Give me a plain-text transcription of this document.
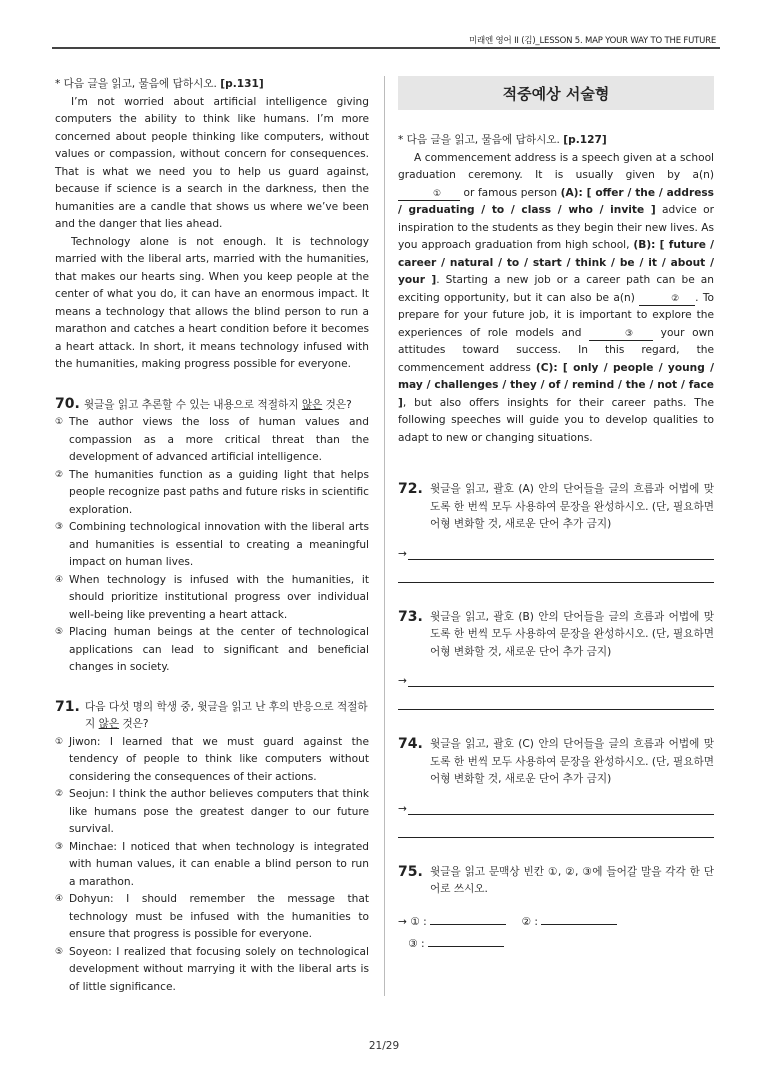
미래엔 영어 II (김)_LESSON 5. MAP YOUR WAY TO THE FUTURE

* 다음 글을 읽고, 물음에 답하시오. [p.131]

I’m not worried about artificial intelligence giving computers the ability to think like humans. I’m more concerned about people thinking like computers, without values or compassion, without concern for consequences. That is what we need you to help us guard against, because if science is a search in the darkness, then the humanities are a candle that shows us where we’ve been and the danger that lies ahead.

Technology alone is not enough. It is technology married with the liberal arts, married with the humanities, that makes our hearts sing. When you keep people at the center of what you do, it can have an enormous impact. It means a technology that allows the blind person to run a marathon and catches a heart condition before it becomes a heart attack. In short, it means technology infused with the humanities, making progress possible for everyone.

70. 윗글을 읽고 추론할 수 있는 내용으로 적절하지 않은 것은?
① The author views the loss of human values and compassion as a more critical threat than the development of advanced artificial intelligence.
② The humanities function as a guiding light that helps people recognize past paths and future risks in scientific exploration.
③ Combining technological innovation with the liberal arts and humanities is essential to creating a meaningful impact on human lives.
④ When technology is infused with the humanities, it should prioritize institutional progress over individual well-being like preventing a heart attack.
⑤ Placing human beings at the center of technological applications can lead to significant and beneficial changes in society.
71. 다음 다섯 명의 학생 중, 윗글을 읽고 난 후의 반응으로 적절하지 않은 것은?
① Jiwon: I learned that we must guard against the tendency of people to think like computers without considering the consequences of their actions.
② Seojun: I think the author believes computers that think like humans pose the greatest danger to our future survival.
③ Minchae: I noticed that when technology is integrated with human values, it can enable a blind person to run a marathon.
④ Dohyun: I should remember the message that technology must be infused with the humanities to ensure that progress is possible for everyone.
⑤ Soyeon: I realized that focusing solely on technological development without marrying it with the liberal arts is of little significance.
적중예상 서술형

* 다음 글을 읽고, 물음에 답하시오. [p.127]

A commencement address is a speech given at a school graduation ceremony. It is usually given by a(n) ① or famous person (A): [ offer / the / address / graduating / to / class / who / invite ] advice or inspiration to the students as they begin their new lives. As you approach graduation from high school, (B): [ future / career / natural / to / start / think / be / it / about / your ]. Starting a new job or a career path can be an exciting opportunity, but it can also be a(n)	② . To prepare for your future job, it is important to explore the experiences of role models and	③ your own attitudes toward success. In this regard, the commencement address (C): [ only / people / young / may / challenges / they / of / remind / the / not / face ], but also offers insights for their career paths. The following speeches will guide you to develop qualities to adapt to new or changing situations.

72. 윗글을 읽고, 괄호 (A) 안의 단어들을 글의 흐름과 어법에 맞도록 한 번씩 모두 사용하여 문장을 완성하시오. (단, 필요하면 어형 변화할 것, 새로운 단어 추가 금지)
→
73. 윗글을 읽고, 괄호 (B) 안의 단어들을 글의 흐름과 어법에 맞도록 한 번씩 모두 사용하여 문장을 완성하시오. (단, 필요하면 어형 변화할 것, 새로운 단어 추가 금지)
→
74. 윗글을 읽고, 괄호 (C) 안의 단어들을 글의 흐름과 어법에 맞도록 한 번씩 모두 사용하여 문장을 완성하시오. (단, 필요하면 어형 변화할 것, 새로운 단어 추가 금지)
→
75. 윗글을 읽고 문맥상 빈칸 ①, ②, ③에 들어갈 말을 각각 한 단어로 쓰시오.
→ ① :	② :
③ :
21/29
